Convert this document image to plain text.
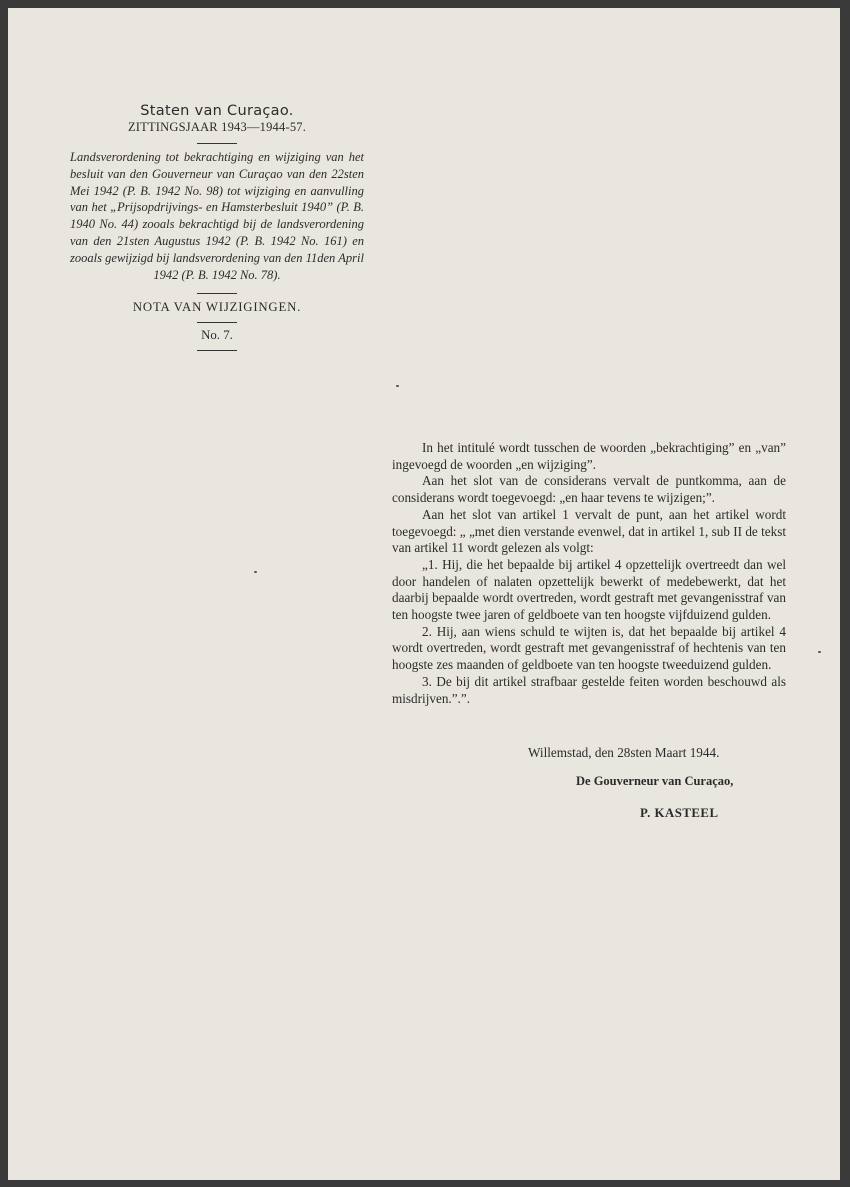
Staten van Curaçao.

ZITTINGSJAAR 1943—1944-57.

Landsverordening tot bekrachtiging en wijziging van het besluit van den Gouverneur van Curaçao van den 22sten Mei 1942 (P. B. 1942 No. 98) tot wijziging en aanvulling van het „Prijsopdrijvings- en Hamsterbesluit 1940” (P. B. 1940 No. 44) zooals bekrachtigd bij de landsverordening van den 21sten Augustus 1942 (P. B. 1942 No. 161) en zooals gewijzigd bij landsverordening van den 11den April 1942 (P. B. 1942 No. 78).

NOTA VAN WIJZIGINGEN.

No. 7.

In het intitulé wordt tusschen de woorden „bekrachtiging” en „van” ingevoegd de woorden „en wijziging”.

Aan het slot van de considerans vervalt de puntkomma, aan de considerans wordt toegevoegd: „en haar tevens te wijzigen;”.

Aan het slot van artikel 1 vervalt de punt, aan het artikel wordt toegevoegd: „ „met dien verstande evenwel, dat in artikel 1, sub II de tekst van artikel 11 wordt gelezen als volgt:

„1. Hij, die het bepaalde bij artikel 4 opzettelijk overtreedt dan wel door handelen of nalaten opzettelijk bewerkt of medebewerkt, dat het daarbij bepaalde wordt overtreden, wordt gestraft met gevangenisstraf van ten hoogste twee jaren of geldboete van ten hoogste vijfduizend gulden.

2. Hij, aan wiens schuld te wijten is, dat het bepaalde bij artikel 4 wordt overtreden, wordt gestraft met gevangenisstraf of hechtenis van ten hoogste zes maanden of geldboete van ten hoogste tweeduizend gulden.

3. De bij dit artikel strafbaar gestelde feiten worden beschouwd als misdrijven.”.”.

Willemstad, den 28sten Maart 1944.
De Gouverneur van Curaçao,
P. KASTEEL
